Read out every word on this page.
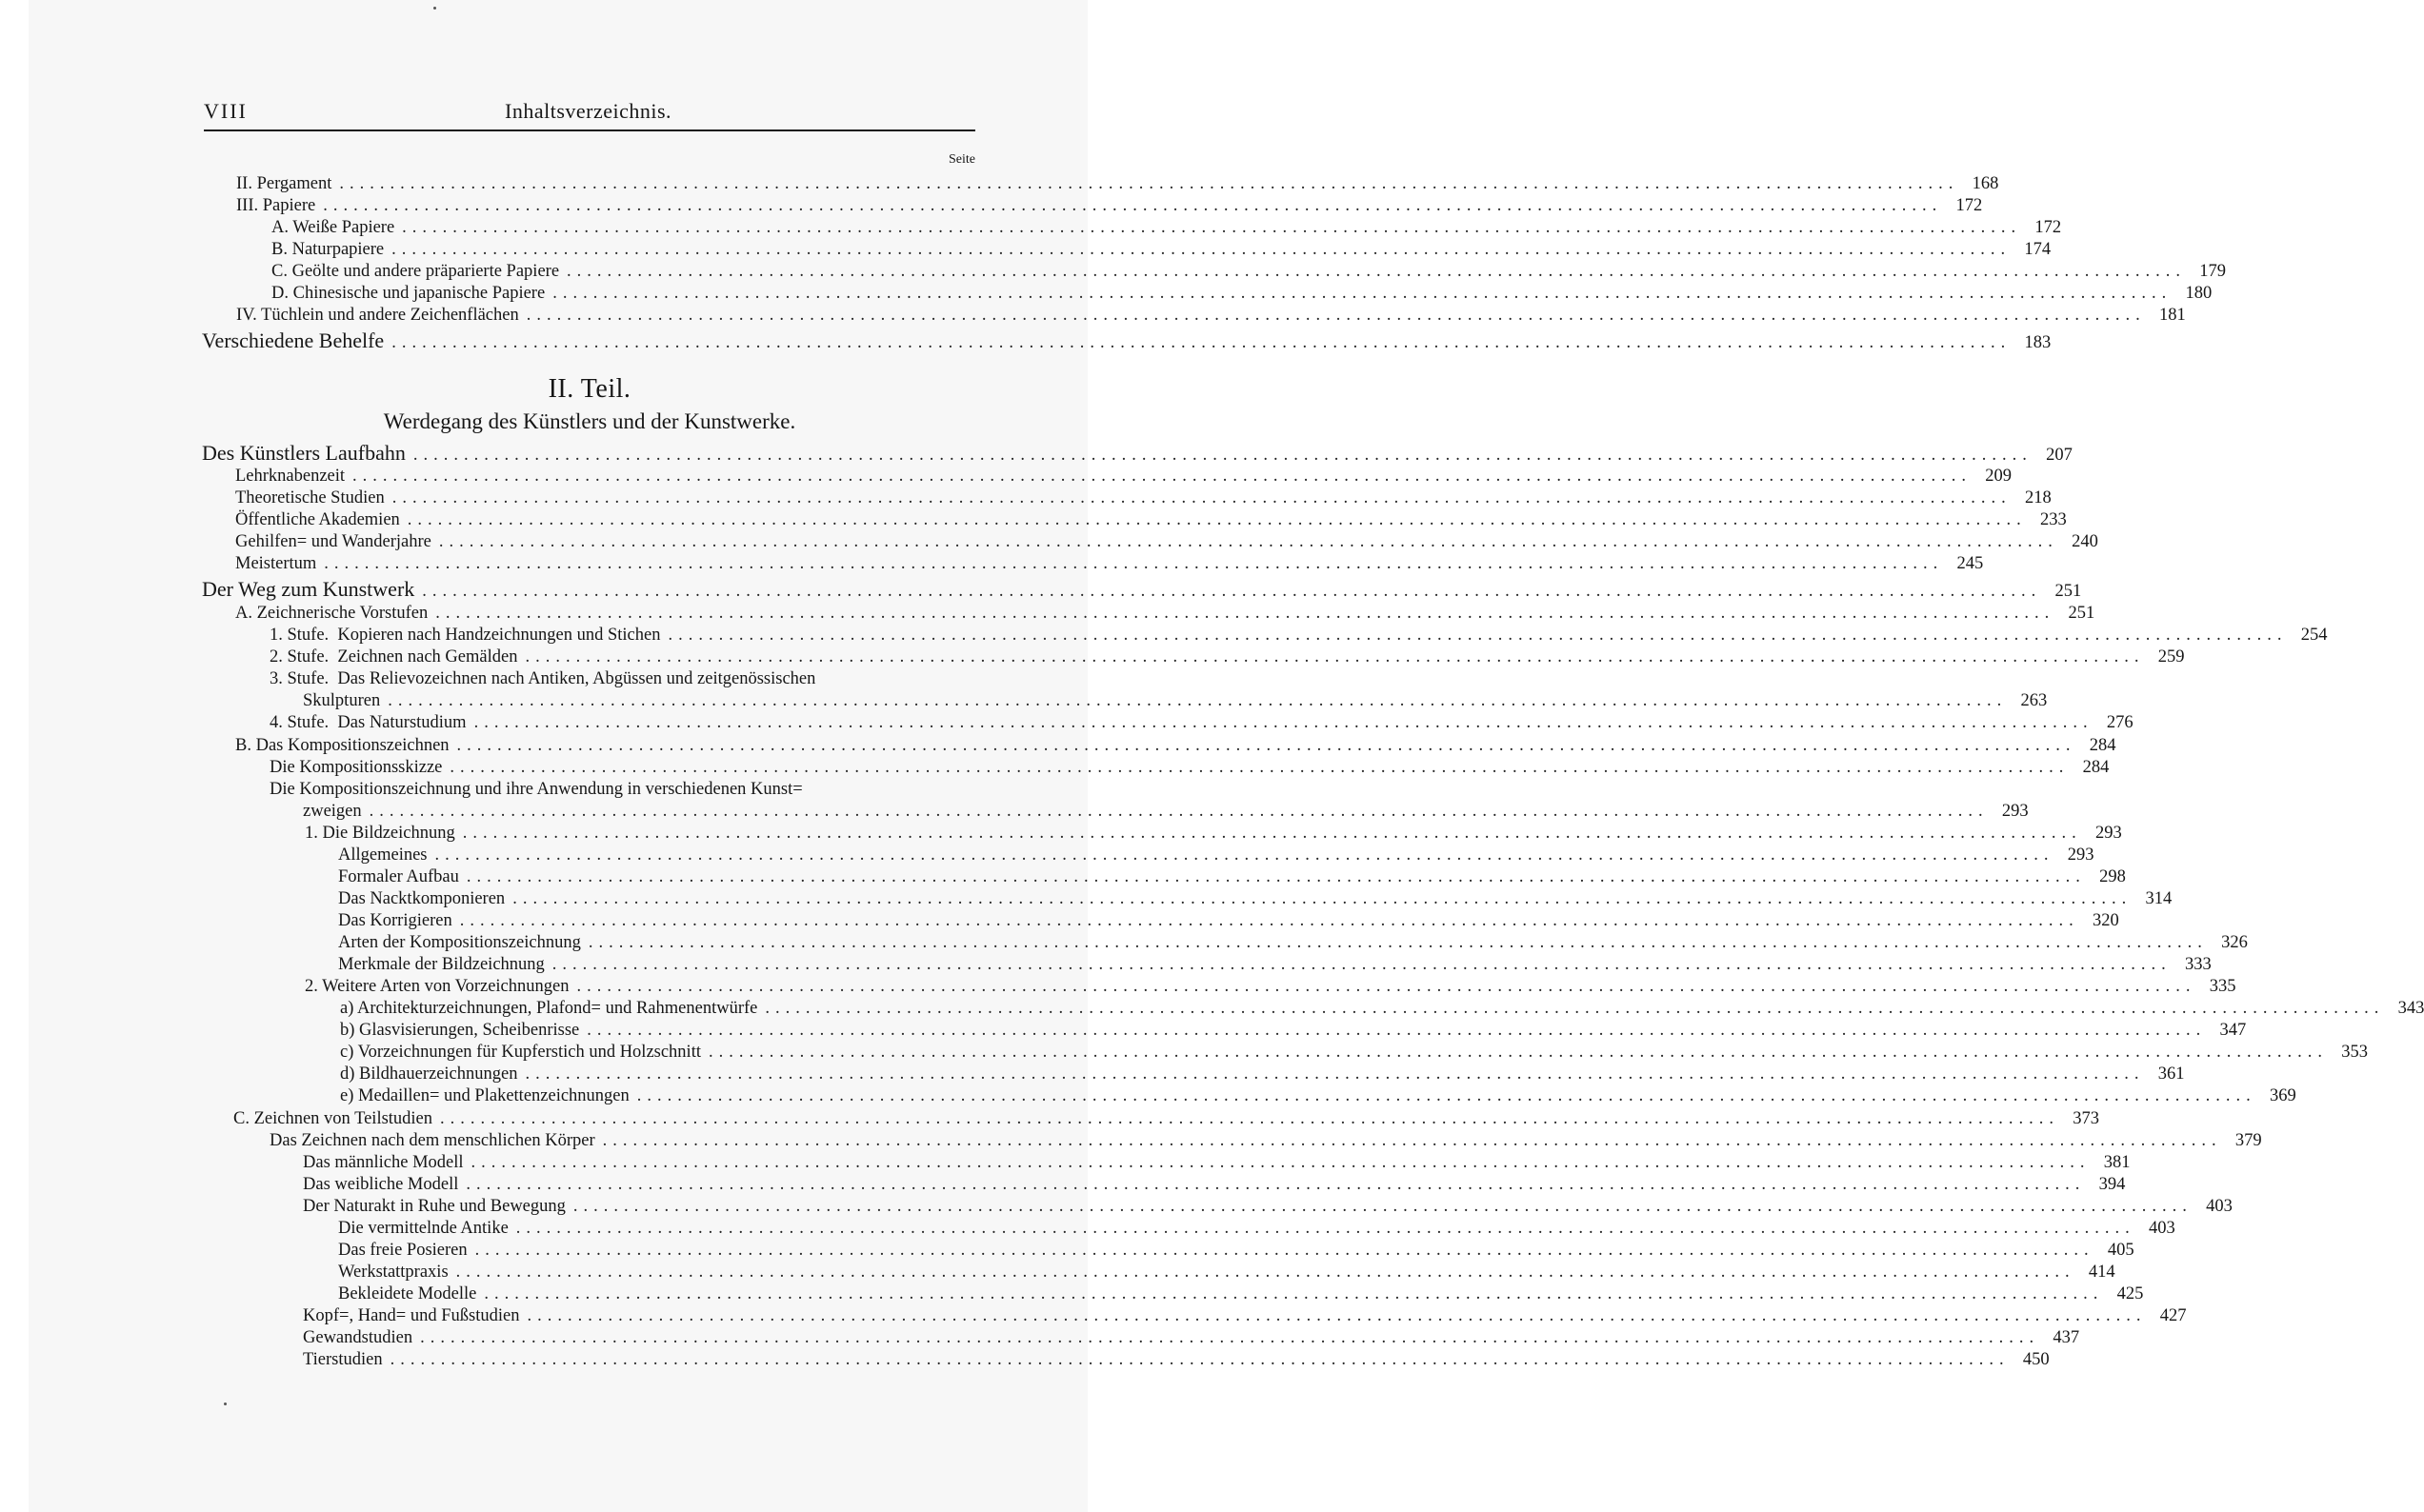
VIII	Inhaltsverzeichnis.
Seite
II. Pergament ................................................................................................................................................................ 168
III. Papiere ................................................................................................................................................................ 172
A. Weiße Papiere ................................................................................................................................................................ 172
B. Naturpapiere ................................................................................................................................................................ 174
C. Geölte und andere präparierte Papiere ................................................................................................................................................................ 179
D. Chinesische und japanische Papiere ................................................................................................................................................................ 180
IV. Tüchlein und andere Zeichenflächen ................................................................................................................................................................ 181
Verschiedene Behelfe ................................................................................................................................................................ 183
II. Teil.
Werdegang des Künstlers und der Kunstwerke.
Des Künstlers Laufbahn ................................................................................................................................................................ 207
Lehrknabenzeit ................................................................................................................................................................ 209
Theoretische Studien ................................................................................................................................................................ 218
Öffentliche Akademien ................................................................................................................................................................ 233
Gehilfen= und Wanderjahre ................................................................................................................................................................ 240
Meistertum ................................................................................................................................................................ 245
Der Weg zum Kunstwerk ................................................................................................................................................................ 251
A. Zeichnerische Vorstufen ................................................................................................................................................................ 251
1. Stufe.  Kopieren nach Handzeichnungen und Stichen ................................................................................................................................................................ 254
2. Stufe.  Zeichnen nach Gemälden ................................................................................................................................................................ 259
3. Stufe.  Das Relievozeichnen nach Antiken, Abgüssen und zeitgenössischen
Skulpturen ................................................................................................................................................................ 263
4. Stufe.  Das Naturstudium ................................................................................................................................................................ 276
B. Das Kompositionszeichnen ................................................................................................................................................................ 284
Die Kompositionsskizze ................................................................................................................................................................ 284
Die Kompositionszeichnung und ihre Anwendung in verschiedenen Kunst=
zweigen ................................................................................................................................................................ 293
1. Die Bildzeichnung ................................................................................................................................................................ 293
Allgemeines ................................................................................................................................................................ 293
Formaler Aufbau ................................................................................................................................................................ 298
Das Nacktkomponieren ................................................................................................................................................................ 314
Das Korrigieren ................................................................................................................................................................ 320
Arten der Kompositionszeichnung ................................................................................................................................................................ 326
Merkmale der Bildzeichnung ................................................................................................................................................................ 333
2. Weitere Arten von Vorzeichnungen ................................................................................................................................................................ 335
a) Architekturzeichnungen, Plafond= und Rahmenentwürfe ................................................................................................................................................................ 343
b) Glasvisierungen, Scheibenrisse ................................................................................................................................................................ 347
c) Vorzeichnungen für Kupferstich und Holzschnitt ................................................................................................................................................................ 353
d) Bildhauerzeichnungen ................................................................................................................................................................ 361
e) Medaillen= und Plakettenzeichnungen ................................................................................................................................................................ 369
C. Zeichnen von Teilstudien ................................................................................................................................................................ 373
Das Zeichnen nach dem menschlichen Körper ................................................................................................................................................................ 379
Das männliche Modell ................................................................................................................................................................ 381
Das weibliche Modell ................................................................................................................................................................ 394
Der Naturakt in Ruhe und Bewegung ................................................................................................................................................................ 403
Die vermittelnde Antike ................................................................................................................................................................ 403
Das freie Posieren ................................................................................................................................................................ 405
Werkstattpraxis ................................................................................................................................................................ 414
Bekleidete Modelle ................................................................................................................................................................ 425
Kopf=, Hand= und Fußstudien ................................................................................................................................................................ 427
Gewandstudien ................................................................................................................................................................ 437
Tierstudien ................................................................................................................................................................ 450
